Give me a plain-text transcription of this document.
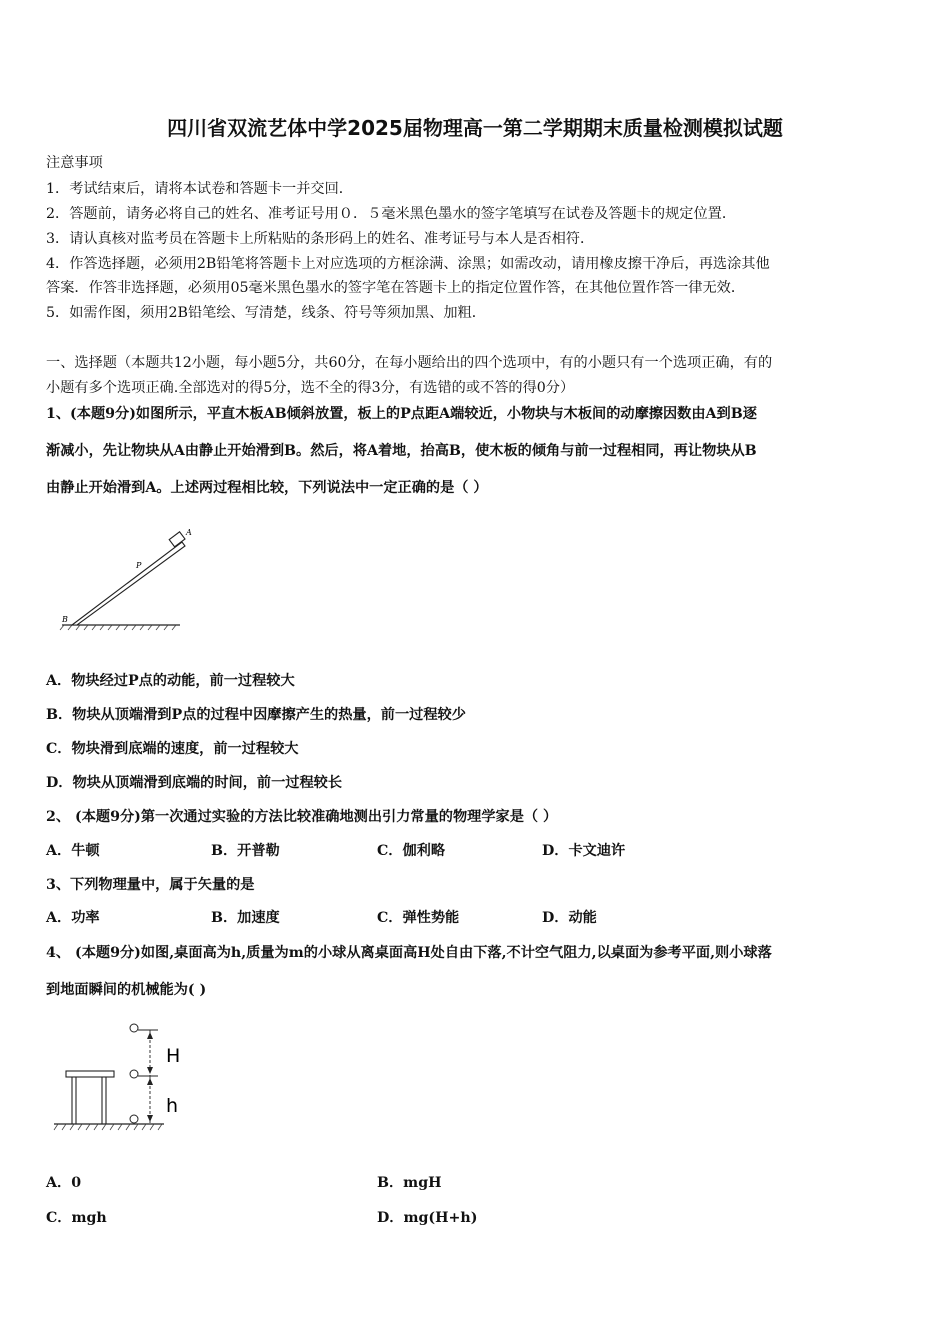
四川省双流艺体中学2025届物理高一第二学期期末质量检测模拟试题
注意事项
1．考试结束后，请将本试卷和答题卡一并交回．
2．答题前，请务必将自己的姓名、准考证号用０．５毫米黑色墨水的签字笔填写在试卷及答题卡的规定位置．
3．请认真核对监考员在答题卡上所粘贴的条形码上的姓名、准考证号与本人是否相符．
4．作答选择题，必须用2B铅笔将答题卡上对应选项的方框涂满、涂黑；如需改动，请用橡皮擦干净后，再选涂其他
答案．作答非选择题，必须用05毫米黑色墨水的签字笔在答题卡上的指定位置作答，在其他位置作答一律无效．
5．如需作图，须用2B铅笔绘、写清楚，线条、符号等须加黑、加粗．
一、选择题（本题共12小题，每小题5分，共60分，在每小题给出的四个选项中，有的小题只有一个选项正确，有的
小题有多个选项正确.全部选对的得5分，选不全的得3分，有选错的或不答的得0分）
1、(本题9分)如图所示，平直木板AB倾斜放置，板上的P点距A端较近，小物块与木板间的动摩擦因数由A到B逐
渐减小，先让物块从A由静止开始滑到B。然后，将A着地，抬高B，使木板的倾角与前一过程相同，再让物块从B
由静止开始滑到A。上述两过程相比较，下列说法中一定正确的是（ ）
A
P
B
A．物块经过P点的动能，前一过程较大
B．物块从顶端滑到P点的过程中因摩擦产生的热量，前一过程较少
C．物块滑到底端的速度，前一过程较大
D．物块从顶端滑到底端的时间，前一过程较长
2、 (本题9分)第一次通过实验的方法比较准确地测出引力常量的物理学家是（ ）
A．牛顿	B．开普勒	C．伽利略	D．卡文迪许
3、下列物理量中，属于矢量的是
A．功率	B．加速度	C．弹性势能	D．动能
4、 (本题9分)如图,桌面高为h,质量为m的小球从离桌面高H处自由下落,不计空气阻力,以桌面为参考平面,则小球落
到地面瞬间的机械能为( )
H
h
A．0	B．mgH
C．mgh	D．mg(H+h)
